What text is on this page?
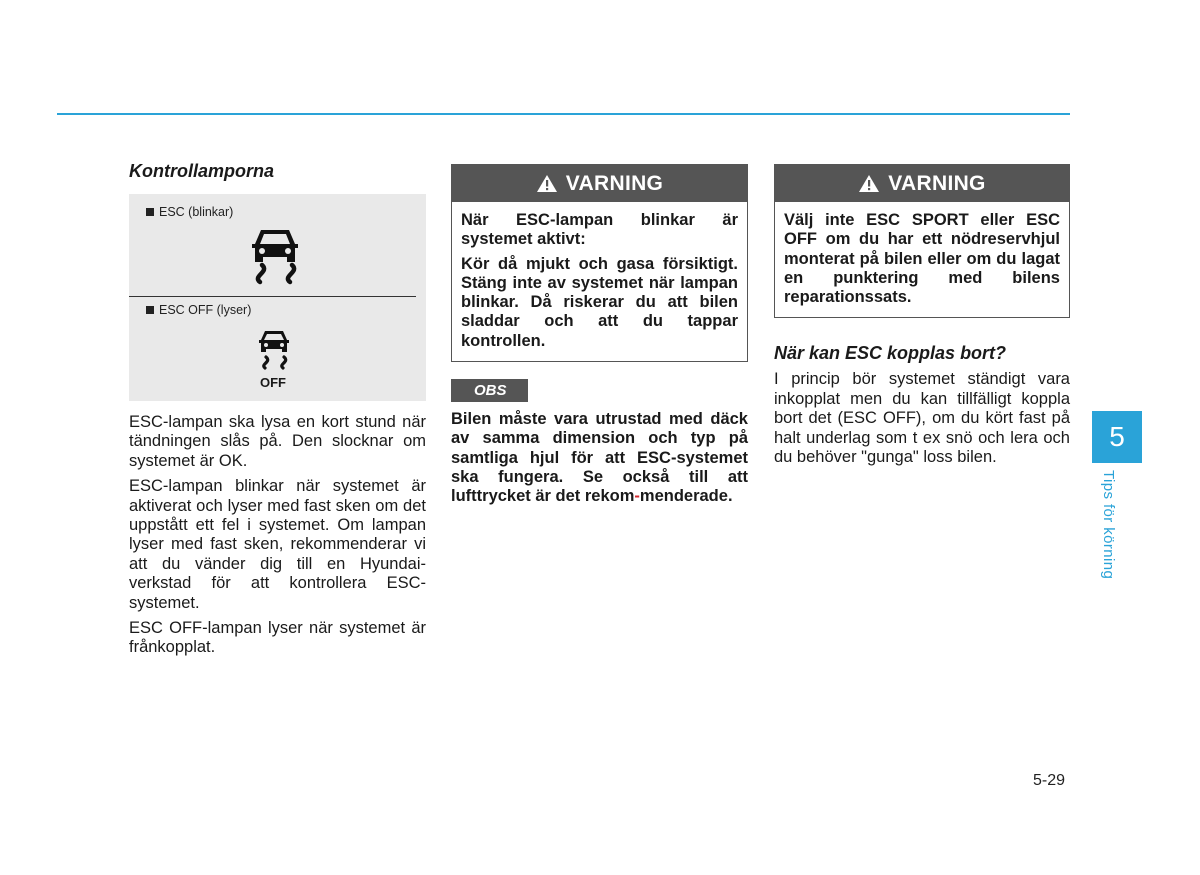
Kontrollamporna
ESC (blinkar)
ESC OFF (lyser)
OFF

ESC-lampan ska lysa en kort stund när tändningen slås på. Den slocknar om systemet är OK.

ESC-lampan blinkar när systemet är aktiverat och lyser med fast sken om det uppstått ett fel i systemet. Om lampan lyser med fast sken, rekommenderar vi att du vänder dig till en Hyundai-verkstad för att kontrollera ESC-systemet.

ESC OFF-lampan lyser när systemet är frånkopplat.

VARNING

När ESC-lampan blinkar är systemet aktivt:

Kör då mjukt och gasa försiktigt. Stäng inte av systemet när lampan blinkar. Då riskerar du att bilen sladdar och att du tappar kontrollen.

OBS

Bilen måste vara utrustad med däck av samma dimension och typ på samtliga hjul för att ESC-systemet ska fungera. Se också till att lufttrycket är det rekom-menderade.

VARNING

Välj inte ESC SPORT eller ESC OFF om du har ett nödreservhjul monterat på bilen eller om du lagat en punktering med bilens reparationssats.

När kan ESC kopplas bort?

I princip bör systemet ständigt vara inkopplat men du kan tillfälligt koppla bort det (ESC OFF), om du kört fast på halt underlag som t ex snö och lera och du behöver "gunga" loss bilen.

5
Tips för körning
5-29
